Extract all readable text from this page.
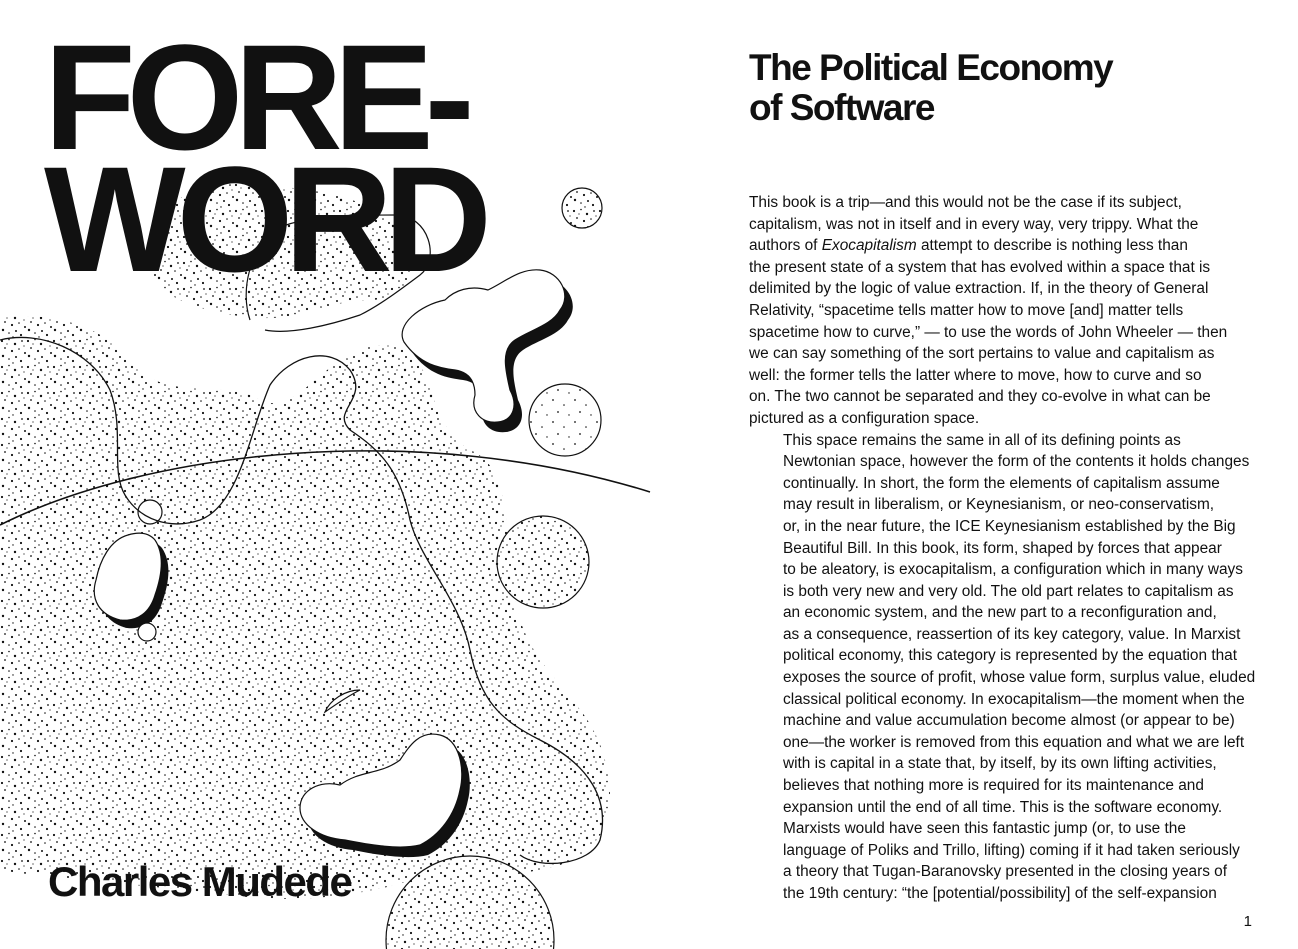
FORE-
WORD

Charles Mudede

The Political Economy
of Software

This book is a trip—and this would not be the case if its subject,
capitalism, was not in itself and in every way, very trippy. What the
authors of Exocapitalism attempt to describe is nothing less than
the present state of a system that has evolved within a space that is
delimited by the logic of value extraction. If, in the theory of General
Relativity, “spacetime tells matter how to move [and] matter tells
spacetime how to curve,” — to use the words of John Wheeler — then
we can say something of the sort pertains to value and capitalism as
well: the former tells the latter where to move, how to curve and so
on. The two cannot be separated and they co-evolve in what can be
pictured as a configuration space.

This space remains the same in all of its defining points as
Newtonian space, however the form of the contents it holds changes
continually. In short, the form the elements of capitalism assume
may result in liberalism, or Keynesianism, or neo-conservatism,
or, in the near future, the ICE Keynesianism established by the Big
Beautiful Bill. In this book, its form, shaped by forces that appear
to be aleatory, is exocapitalism, a configuration which in many ways
is both very new and very old. The old part relates to capitalism as
an economic system, and the new part to a reconfiguration and,
as a consequence, reassertion of its key category, value. In Marxist
political economy, this category is represented by the equation that
exposes the source of profit, whose value form, surplus value, eluded
classical political economy. In exocapitalism—the moment when the
machine and value accumulation become almost (or appear to be)
one—the worker is removed from this equation and what we are left
with is capital in a state that, by itself, by its own lifting activities,
believes that nothing more is required for its maintenance and
expansion until the end of all time. This is the software economy.

Marxists would have seen this fantastic jump (or, to use the
language of Poliks and Trillo, lifting) coming if it had taken seriously
a theory that Tugan-Baranovsky presented in the closing years of
the 19th century: “the [potential/possibility] of the self-expansion

1
